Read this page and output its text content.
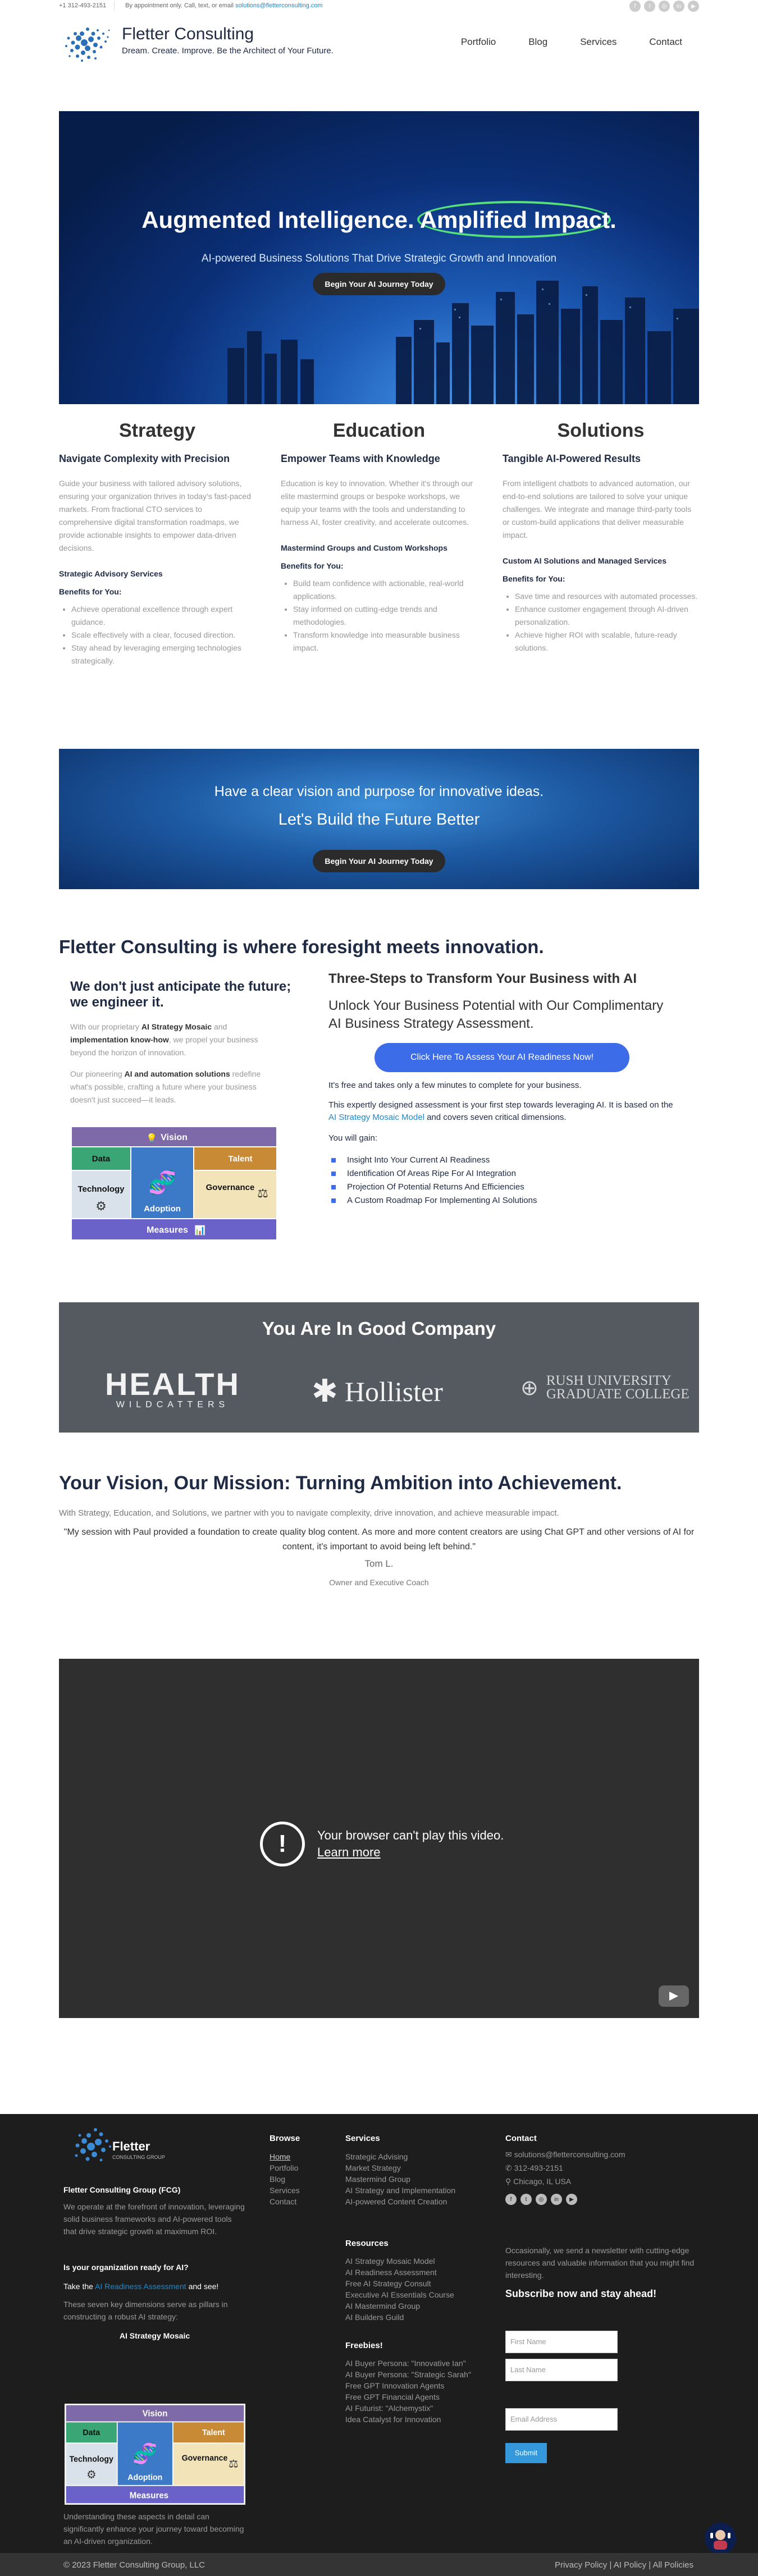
+1 312-493-2151	By appointment only. Call, text, or email solutions@fletterconsulting.com	f	t	◎	in	▶
Fletter Consulting
Dream. Create. Improve. Be the Architect of Your Future.
Portfolio	Blog	Services	Contact
Augmented Intelligence. Amplified Impact.

AI-powered Business Solutions That Drive Strategic Growth and Innovation

Begin Your AI Journey Today
Strategy
Navigate Complexity with Precision

Guide your business with tailored advisory solutions, ensuring your organization thrives in today's fast-paced markets. From fractional CTO services to comprehensive digital transformation roadmaps, we provide actionable insights to empower data-driven decisions.

Strategic Advisory Services

Benefits for You:

• Achieve operational excellence through expert guidance.
• Scale effectively with a clear, focused direction.
• Stay ahead by leveraging emerging technologies strategically.
Education
Empower Teams with Knowledge

Education is key to innovation. Whether it's through our elite mastermind groups or bespoke workshops, we equip your teams with the tools and understanding to harness AI, foster creativity, and accelerate outcomes.

Mastermind Groups and Custom Workshops

Benefits for You:

• Build team confidence with actionable, real-world applications.
• Stay informed on cutting-edge trends and methodologies.
• Transform knowledge into measurable business impact.
Solutions
Tangible AI-Powered Results

From intelligent chatbots to advanced automation, our end-to-end solutions are tailored to solve your unique challenges. We integrate and manage third-party tools or custom-build applications that deliver measurable impact.

Custom AI Solutions and Managed Services

Benefits for You:

• Save time and resources with automated processes.
• Enhance customer engagement through AI-driven personalization.
• Achieve higher ROI with scalable, future-ready solutions.

Have a clear vision and purpose for innovative ideas.

Let's Build the Future Better

Begin Your AI Journey Today
Fletter Consulting is where foresight meets innovation.
We don't just anticipate the future; we engineer it.

With our proprietary AI Strategy Mosaic and implementation know-how, we propel your business beyond the horizon of innovation.

Our pioneering AI and automation solutions redefine what's possible, crafting a future where your business doesn't just succeed—it leads.

Vision
💡
Data
🧬
Adoption
Talent
Technology
⚙
Governance ⚖
Measures 📊
Three-Steps to Transform Your Business with AI

Unlock Your Business Potential with Our Complimentary AI Business Strategy Assessment.

Click Here To Assess Your AI Readiness Now!

It's free and takes only a few minutes to complete for your business.

This expertly designed assessment is your first step towards leveraging AI. It is based on the AI Strategy Mosaic Model and covers seven critical dimensions.

You will gain:

Insight Into Your Current AI Readiness
Identification Of Areas Ripe For AI Integration
Projection Of Potential Returns And Efficiencies
A Custom Roadmap For Implementing AI Solutions
You Are In Good Company
HEALTH
WILDCATTERS	✱ Hollister	⊕ RUSH UNIVERSITY
GRADUATE COLLEGE
Your Vision, Our Mission: Turning Ambition into Achievement.

With Strategy, Education, and Solutions, we partner with you to navigate complexity, drive innovation, and achieve measurable impact.

"My session with Paul provided a foundation to create quality blog content. As more and more content creators are using Chat GPT and other versions of AI for content, it's important to avoid being left behind."

Tom L.

Owner and Executive Coach

!	Your browser can't play this video.
Learn more
Fletter
CONSULTING GROUP

Fletter Consulting Group (FCG)

We operate at the forefront of innovation, leveraging solid business frameworks and AI-powered tools that drive strategic growth at maximum ROI.

Is your organization ready for AI?

Take the AI Readiness Assessment and see!

These seven key dimensions serve as pillars in constructing a robust AI strategy:

AI Strategy Mosaic

Vision
Data
🧬
Adoption
Talent
Technology
⚙
Governance ⚖
Measures

Understanding these aspects in detail can significantly enhance your journey toward becoming an AI-driven organization.

Browse
Home
Portfolio
Blog
Services
Contact
Services
Strategic Advising
Market Strategy
Mastermind Group
AI Strategy and Implementation
AI-powered Content Creation
Resources
AI Strategy Mosaic Model
AI Readiness Assessment
Free AI Strategy Consult
Executive AI Essentials Course
AI Mastermind Group
AI Builders Guild
Freebies!
AI Buyer Persona: "Innovative Ian"
AI Buyer Persona: "Strategic Sarah"
Free GPT Innovation Agents
Free GPT Financial Agents
AI Futurist: "Alchemystix"
Idea Catalyst for Innovation
Contact
✉ solutions@fletterconsulting.com
✆ 312-493-2151
⚲ Chicago, IL USA
f	t	◎	in	▶

Occasionally, we send a newsletter with cutting-edge resources and valuable information that you might find interesting.

Subscribe now and stay ahead!

First Name
Last Name
Email Address
Submit
© 2023 Fletter Consulting Group, LLC	Privacy Policy | AI Policy | All Policies
